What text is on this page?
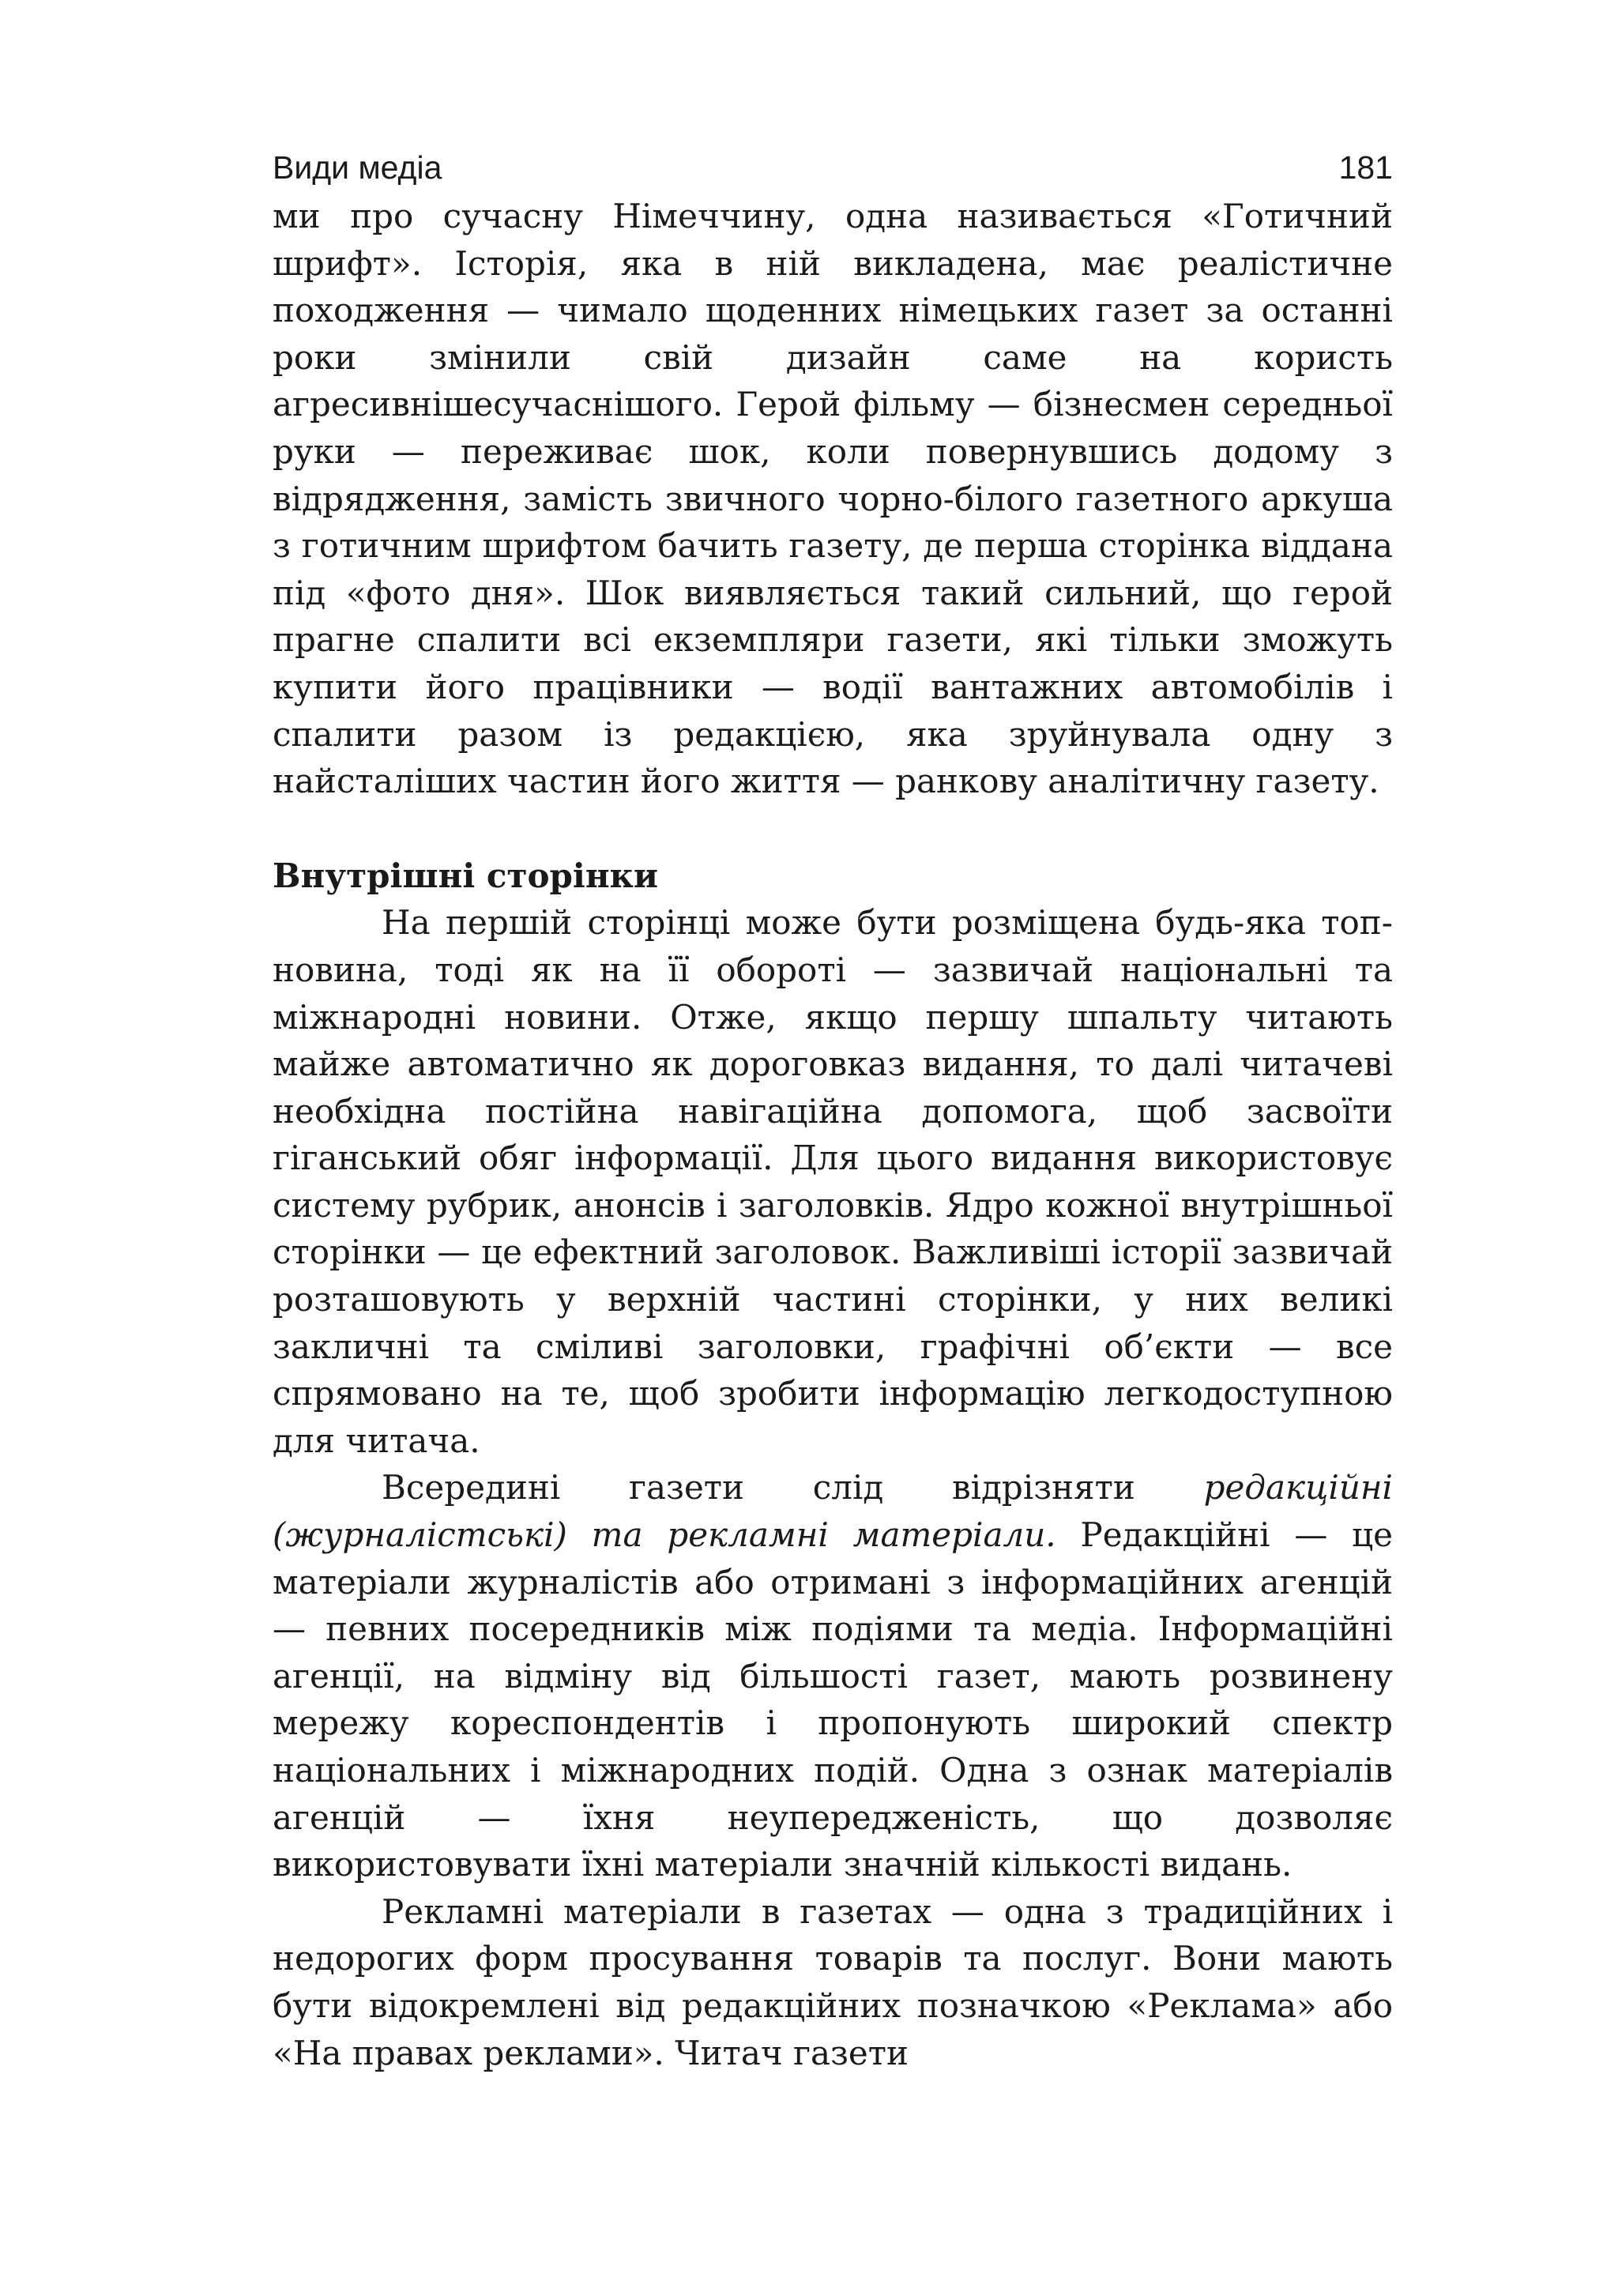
Види медіа	181

ми про сучасну Німеччину, одна називається «Готичний шрифт». Історія, яка в ній викладена, має реалістичне походження — чимало щоденних німецьких газет за останні роки змінили свій дизайн саме на користь агресивнішесучаснішого. Герой фільму — бізнесмен середньої руки — переживає шок, коли повернувшись додому з відрядження, замість звичного чорно-білого газетного аркуша з готичним шрифтом бачить газету, де перша сторінка віддана під «фото дня». Шок виявляється такий сильний, що герой прагне спалити всі екземпляри газети, які тільки зможуть купити його працівники — водії вантажних автомобілів і спалити разом із редакцією, яка зруйнувала одну з найсталіших частин його життя — ранкову аналітичну газету.

Внутрішні сторінки

На першій сторінці може бути розміщена будь-яка топ-новина, тоді як на її обороті — зазвичай національні та міжнародні новини. Отже, якщо першу шпальту читають майже автоматично як дороговказ видання, то далі читачеві необхідна постійна навігаційна допомога, щоб засвоїти гіганський обяг інформації. Для цього видання використовує систему рубрик, анонсів і заголовків. Ядро кожної внутрішньої сторінки — це ефектний заголовок. Важливіші історії зазвичай розташовують у верхній частині сторінки, у них великі закличні та сміливі заголовки, графічні об’єкти — все спрямовано на те, щоб зробити інформацію легкодоступною для читача.

Всередині газети слід відрізняти редакційні (журналістські) та рекламні матеріали. Редакційні — це матеріали журналістів або отримані з інформаційних агенцій — певних посередників між подіями та медіа. Інформаційні агенції, на відміну від більшості газет, мають розвинену мережу кореспондентів і пропонують широкий спектр національних і міжнародних подій. Одна з ознак матеріалів агенцій — їхня неупередженість, що дозволяє використовувати їхні матеріали значній кількості видань.

Рекламні матеріали в газетах — одна з традиційних і недорогих форм просування товарів та послуг. Вони мають бути відокремлені від редакційних позначкою «Реклама» або «На правах реклами». Читач газети
